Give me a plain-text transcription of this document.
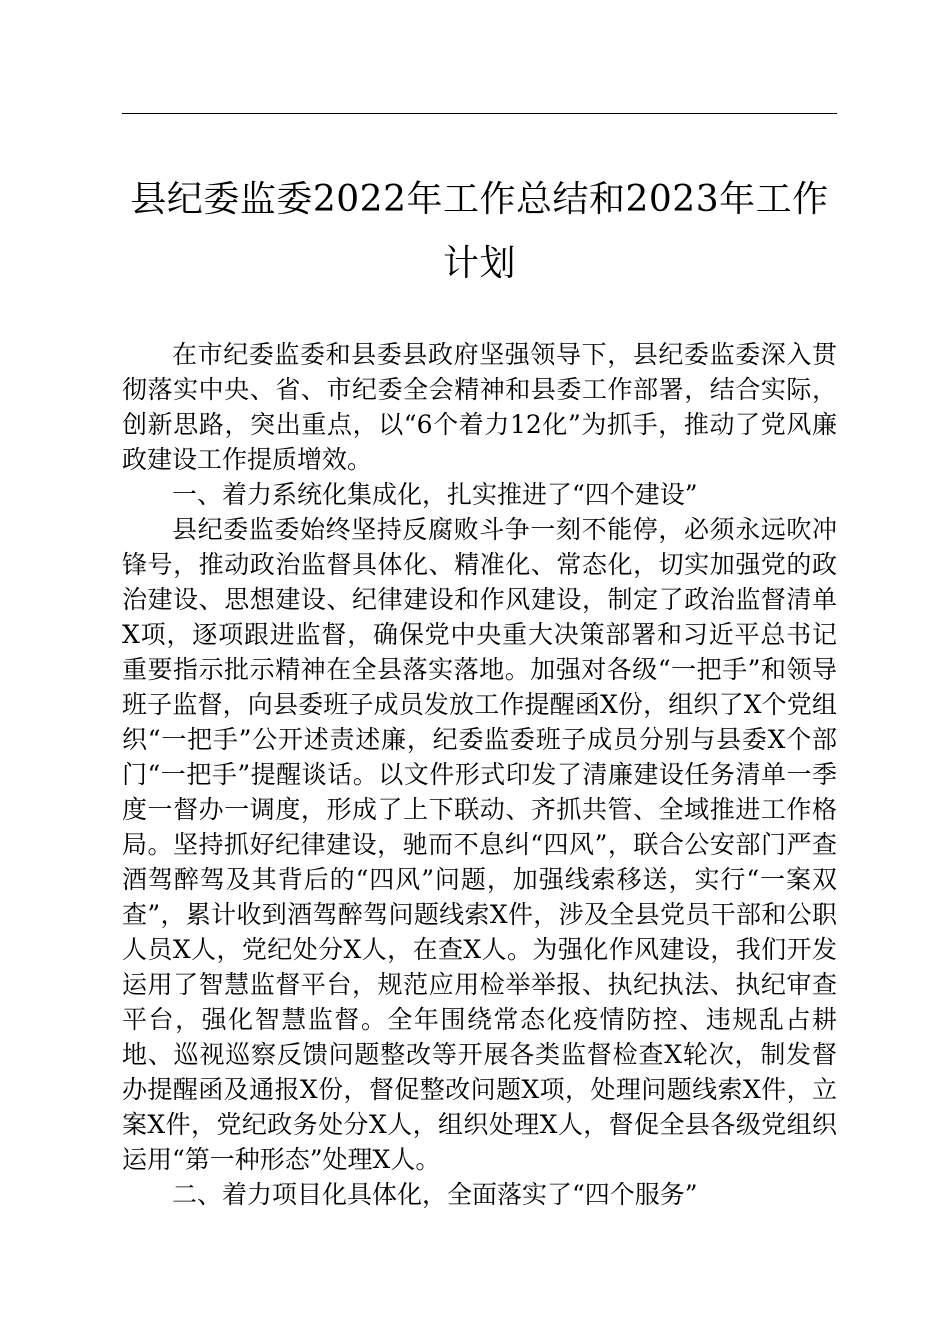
县纪委监委2022年工作总结和2023年工作计划

在市纪委监委和县委县政府坚强领导下，县纪委监委深入贯彻落实中央、省、市纪委全会精神和县委工作部署，结合实际，创新思路，突出重点，以“6个着力12化”为抓手，推动了党风廉政建设工作提质增效。

一、着力系统化集成化，扎实推进了“四个建设”

县纪委监委始终坚持反腐败斗争一刻不能停，必须永远吹冲锋号，推动政治监督具体化、精准化、常态化，切实加强党的政治建设、思想建设、纪律建设和作风建设，制定了政治监督清单X项，逐项跟进监督，确保党中央重大决策部署和习近平总书记重要指示批示精神在全县落实落地。加强对各级“一把手”和领导班子监督，向县委班子成员发放工作提醒函X份，组织了X个党组织“一把手”公开述责述廉，纪委监委班子成员分别与县委X个部门“一把手”提醒谈话。以文件形式印发了清廉建设任务清单一季度一督办一调度，形成了上下联动、齐抓共管、全域推进工作格局。坚持抓好纪律建设，驰而不息纠“四风”，联合公安部门严查酒驾醉驾及其背后的“四风”问题，加强线索移送，实行“一案双查”，累计收到酒驾醉驾问题线索X件，涉及全县党员干部和公职人员X人，党纪处分X人，在查X人。为强化作风建设，我们开发运用了智慧监督平台，规范应用检举举报、执纪执法、执纪审查平台，强化智慧监督。全年围绕常态化疫情防控、违规乱占耕地、巡视巡察反馈问题整改等开展各类监督检查X轮次，制发督办提醒函及通报X份，督促整改问题X项，处理问题线索X件，立案X件，党纪政务处分X人，组织处理X人，督促全县各级党组织运用“第一种形态”处理X人。

二、着力项目化具体化，全面落实了“四个服务”
